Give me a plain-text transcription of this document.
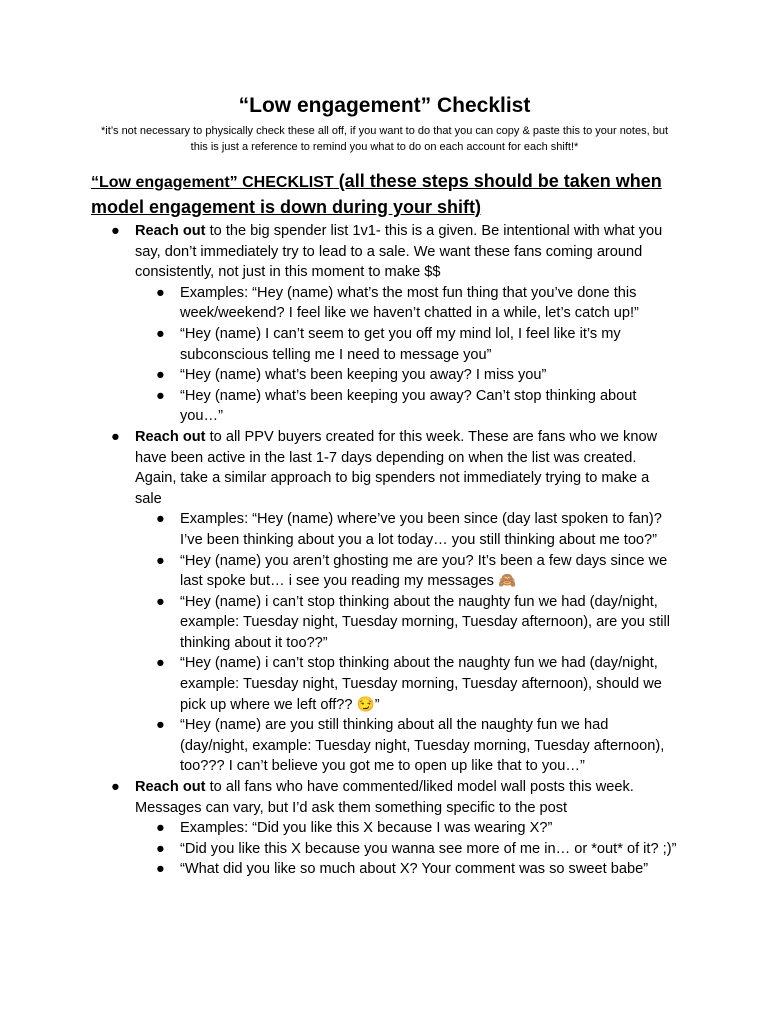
“Low engagement” Checklist
*it’s not necessary to physically check these all off, if you want to do that you can copy & paste this to your notes, but this is just a reference to remind you what to do on each account for each shift!*
“Low engagement” CHECKLIST (all these steps should be taken when model engagement is down during your shift)
● Reach out to the big spender list 1v1- this is a given. Be intentional with what you say, don’t immediately try to lead to a sale. We want these fans coming around consistently, not just in this moment to make $$
● Examples: “Hey (name) what’s the most fun thing that you’ve done this week/weekend? I feel like we haven’t chatted in a while, let’s catch up!”
● “Hey (name) I can’t seem to get you off my mind lol, I feel like it’s my subconscious telling me I need to message you”
● “Hey (name) what’s been keeping you away? I miss you”
● “Hey (name) what’s been keeping you away? Can’t stop thinking about you…”
● Reach out to all PPV buyers created for this week. These are fans who we know have been active in the last 1-7 days depending on when the list was created. Again, take a similar approach to big spenders not immediately trying to make a sale
● Examples: “Hey (name) where’ve you been since (day last spoken to fan)? I’ve been thinking about you a lot today… you still thinking about me too?”
● “Hey (name) you aren’t ghosting me are you? It’s been a few days since we last spoke but… i see you reading my messages 🙈
● “Hey (name) i can’t stop thinking about the naughty fun we had (day/night, example: Tuesday night, Tuesday morning, Tuesday afternoon), are you still thinking about it too??”
● “Hey (name) i can’t stop thinking about the naughty fun we had (day/night, example: Tuesday night, Tuesday morning, Tuesday afternoon), should we pick up where we left off?? 😏”
● “Hey (name) are you still thinking about all the naughty fun we had (day/night, example: Tuesday night, Tuesday morning, Tuesday afternoon), too??? I can’t believe you got me to open up like that to you…”
● Reach out to all fans who have commented/liked model wall posts this week. Messages can vary, but I’d ask them something specific to the post
● Examples: “Did you like this X because I was wearing X?”
● “Did you like this X because you wanna see more of me in… or *out* of it? ;)”
● “What did you like so much about X? Your comment was so sweet babe”
